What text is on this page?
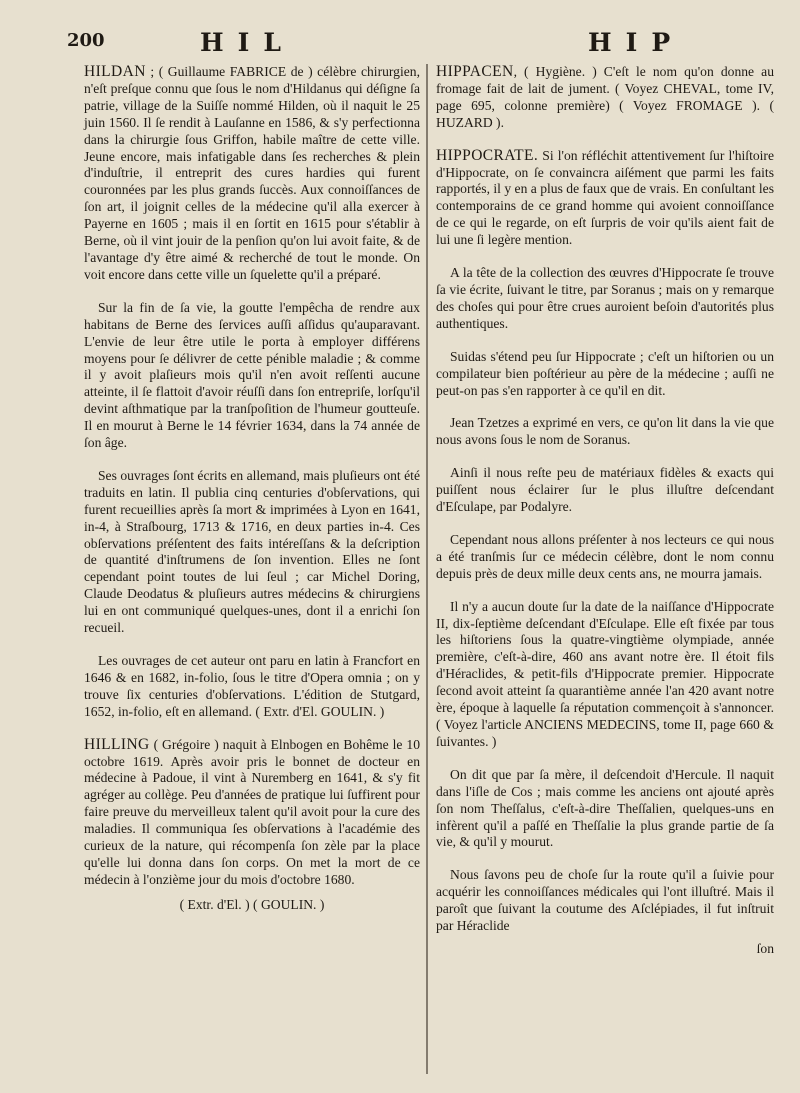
200	HIL	HIP

HILDAN ; ( Guillaume FABRICE de ) célèbre chirurgien, n'eſt preſque connu que ſous le nom d'Hildanus qui déſigne ſa patrie, village de la Suiſſe nommé Hilden, où il naquit le 25 juin 1560. Il ſe rendit à Lauſanne en 1586, & s'y perfectionna dans la chirurgie ſous Griffon, habile maître de cette ville. Jeune encore, mais infatigable dans ſes recherches & plein d'induſtrie, il entreprit des cures hardies qui furent couronnées par les plus grands ſuccès. Aux connoiſſances de ſon art, il joignit celles de la médecine qu'il alla exercer à Payerne en 1605 ; mais il en ſortit en 1615 pour s'établir à Berne, où il vint jouir de la penſion qu'on lui avoit faite, & de l'avantage d'y être aimé & recherché de tout le monde. On voit encore dans cette ville un ſquelette qu'il a préparé.

Sur la fin de ſa vie, la goutte l'empêcha de rendre aux habitans de Berne des ſervices auſſi aſſidus qu'auparavant. L'envie de leur être utile le porta à employer différens moyens pour ſe délivrer de cette pénible maladie ; & comme il y avoit plaſieurs mois qu'il n'en avoit reſſenti aucune atteinte, il ſe flattoit d'avoir réuſſi dans ſon entrepriſe, lorſqu'il devint aſthmatique par la tranſpoſition de l'humeur goutteuſe. Il en mourut à Berne le 14 février 1634, dans la 74 année de ſon âge.

Ses ouvrages ſont écrits en allemand, mais pluſieurs ont été traduits en latin. Il publia cinq centuries d'obſervations, qui furent recueillies après ſa mort & imprimées à Lyon en 1641, in-4, à Straſbourg, 1713 & 1716, en deux parties in-4. Ces obſervations préſentent des faits intéreſſans & la deſcription de quantité d'inſtrumens de ſon invention. Elles ne ſont cependant point toutes de lui ſeul ; car Michel Doring, Claude Deodatus & pluſieurs autres médecins & chirurgiens lui en ont communiqué quelques-unes, dont il a enrichi ſon recueil.

Les ouvrages de cet auteur ont paru en latin à Francfort en 1646 & en 1682, in-folio, ſous le titre d'Opera omnia ; on y trouve ſix centuries d'obſervations. L'édition de Stutgard, 1652, in-folio, eſt en allemand. ( Extr. d'El. GOULIN. )

HILLING ( Grégoire ) naquit à Elnbogen en Bohême le 10 octobre 1619. Après avoir pris le bonnet de docteur en médecine à Padoue, il vint à Nuremberg en 1641, & s'y fit agréger au collège. Peu d'années de pratique lui ſuffirent pour faire preuve du merveilleux talent qu'il avoit pour la cure des maladies. Il communiqua ſes obſervations à l'académie des curieux de la nature, qui récompenſa ſon zèle par la place qu'elle lui donna dans ſon corps. On met la mort de ce médecin à l'onzième jour du mois d'octobre 1680.

( Extr. d'El. ) ( GOULIN. )

HIPPACEN, ( Hygiène. ) C'eſt le nom qu'on donne au fromage fait de lait de jument. ( Voyez CHEVAL, tome IV, page 695, colonne première) ( Voyez FROMAGE ). ( HUZARD ).

HIPPOCRATE. Si l'on réfléchit attentivement ſur l'hiſtoire d'Hippocrate, on ſe convaincra aiſément que parmi les faits rapportés, il y en a plus de faux que de vrais. En conſultant les contemporains de ce grand homme qui avoient connoiſſance de ce qui le regarde, on eſt ſurpris de voir qu'ils aient fait de lui une ſi legère mention.

A la tête de la collection des œuvres d'Hippocrate ſe trouve ſa vie écrite, ſuivant le titre, par Soranus ; mais on y remarque des choſes qui pour être crues auroient beſoin d'autorités plus authentiques.

Suidas s'étend peu ſur Hippocrate ; c'eſt un hiſtorien ou un compilateur bien poſtérieur au père de la médecine ; auſſi ne peut-on pas s'en rapporter à ce qu'il en dit.

Jean Tzetzes a exprimé en vers, ce qu'on lit dans la vie que nous avons ſous le nom de Soranus.

Ainſi il nous reſte peu de matériaux fidèles & exacts qui puiſſent nous éclairer ſur le plus illuſtre deſcendant d'Eſculape, par Podalyre.

Cependant nous allons préſenter à nos lecteurs ce qui nous a été tranſmis ſur ce médecin célèbre, dont le nom connu depuis près de deux mille deux cents ans, ne mourra jamais.

Il n'y a aucun doute ſur la date de la naiſſance d'Hippocrate II, dix-ſeptième deſcendant d'Eſculape. Elle eſt fixée par tous les hiſtoriens ſous la quatre-vingtième olympiade, année première, c'eſt-à-dire, 460 ans avant notre ère. Il étoit fils d'Héraclides, & petit-fils d'Hippocrate premier. Hippocrate ſecond avoit atteint ſa quarantième année l'an 420 avant notre ère, époque à laquelle ſa réputation commençoit à s'annoncer. ( Voyez l'article ANCIENS MEDECINS, tome II, page 660 & ſuivantes. )

On dit que par ſa mère, il deſcendoit d'Hercule. Il naquit dans l'iſle de Cos ; mais comme les anciens ont ajouté après ſon nom Theſſalus, c'eſt-à-dire Theſſalien, quelques-uns en infèrent qu'il a paſſé en Theſſalie la plus grande partie de ſa vie, & qu'il y mourut.

Nous ſavons peu de choſe ſur la route qu'il a ſuivie pour acquérir les connoiſſances médicales qui l'ont illuſtré. Mais il paroît que ſuivant la coutume des Aſclépiades, il fut inſtruit par Héraclide

ſon
